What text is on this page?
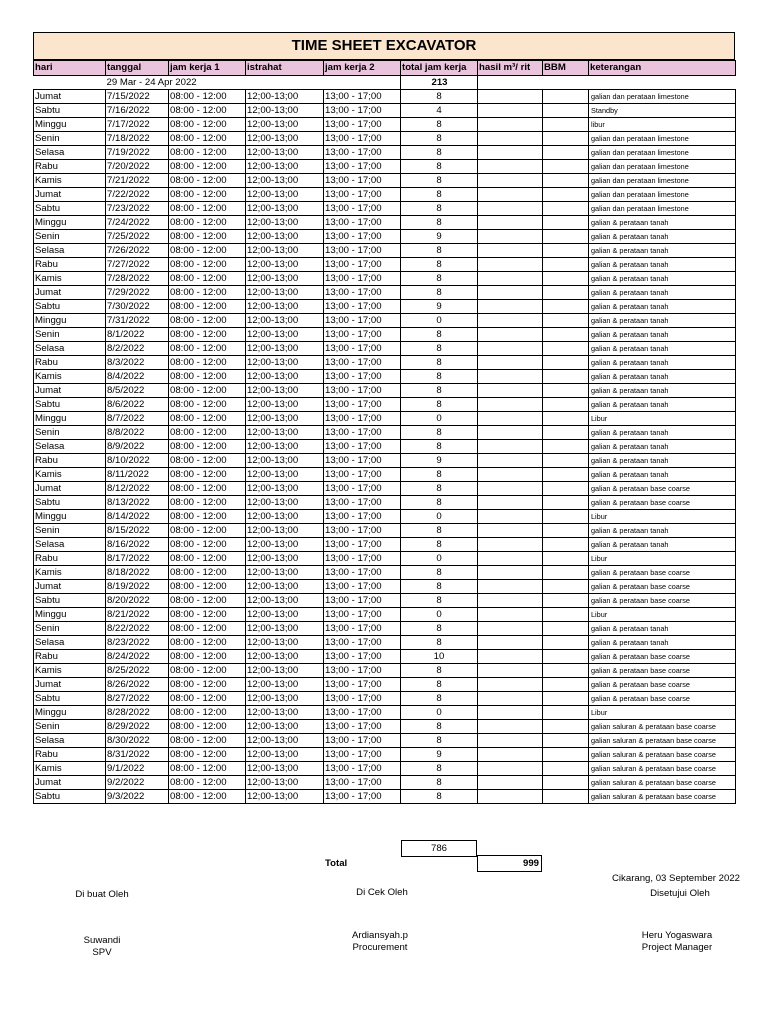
TIME SHEET EXCAVATOR
hari	tanggal	jam kerja 1	istrahat	jam kerja 2	total jam kerja	hasil m³/ rit	BBM	keterangan
	29 Mar - 24 Apr 2022				213			
Jumat	7/15/2022	08:00 - 12:00	12;00-13;00	13;00 - 17;00	8			galian dan perataan limestone
Sabtu	7/16/2022	08:00 - 12:00	12;00-13;00	13;00 - 17;00	4			Standby
Minggu	7/17/2022	08:00 - 12:00	12;00-13;00	13;00 - 17;00	8			libur
Senin	7/18/2022	08:00 - 12:00	12;00-13;00	13;00 - 17;00	8			galian dan perataan limestone
Selasa	7/19/2022	08:00 - 12:00	12;00-13;00	13;00 - 17;00	8			galian dan perataan limestone
Rabu	7/20/2022	08:00 - 12:00	12;00-13;00	13;00 - 17;00	8			galian dan perataan limestone
Kamis	7/21/2022	08:00 - 12:00	12;00-13;00	13;00 - 17;00	8			galian dan perataan limestone
Jumat	7/22/2022	08:00 - 12:00	12;00-13;00	13;00 - 17;00	8			galian dan perataan limestone
Sabtu	7/23/2022	08:00 - 12:00	12;00-13;00	13;00 - 17;00	8			galian dan perataan limestone
Minggu	7/24/2022	08:00 - 12:00	12;00-13;00	13;00 - 17;00	8			galian & perataan tanah
Senin	7/25/2022	08:00 - 12:00	12;00-13;00	13;00 - 17;00	9			galian & perataan tanah
Selasa	7/26/2022	08:00 - 12:00	12;00-13;00	13;00 - 17;00	8			galian & perataan tanah
Rabu	7/27/2022	08:00 - 12:00	12;00-13;00	13;00 - 17;00	8			galian & perataan tanah
Kamis	7/28/2022	08:00 - 12:00	12;00-13;00	13;00 - 17;00	8			galian & perataan tanah
Jumat	7/29/2022	08:00 - 12:00	12;00-13;00	13;00 - 17;00	8			galian & perataan tanah
Sabtu	7/30/2022	08:00 - 12:00	12;00-13;00	13;00 - 17;00	9			galian & perataan tanah
Minggu	7/31/2022	08:00 - 12:00	12;00-13;00	13;00 - 17;00	0			galian & perataan tanah
Senin	8/1/2022	08:00 - 12:00	12;00-13;00	13;00 - 17;00	8			galian & perataan tanah
Selasa	8/2/2022	08:00 - 12:00	12;00-13;00	13;00 - 17;00	8			galian & perataan tanah
Rabu	8/3/2022	08:00 - 12:00	12;00-13;00	13;00 - 17;00	8			galian & perataan tanah
Kamis	8/4/2022	08:00 - 12:00	12;00-13;00	13;00 - 17;00	8			galian & perataan tanah
Jumat	8/5/2022	08:00 - 12:00	12;00-13;00	13;00 - 17;00	8			galian & perataan tanah
Sabtu	8/6/2022	08:00 - 12:00	12;00-13;00	13;00 - 17;00	8			galian & perataan tanah
Minggu	8/7/2022	08:00 - 12:00	12;00-13;00	13;00 - 17;00	0			Libur
Senin	8/8/2022	08:00 - 12:00	12;00-13;00	13;00 - 17;00	8			galian & perataan tanah
Selasa	8/9/2022	08:00 - 12:00	12;00-13;00	13;00 - 17;00	8			galian & perataan tanah
Rabu	8/10/2022	08:00 - 12:00	12;00-13;00	13;00 - 17;00	9			galian & perataan tanah
Kamis	8/11/2022	08:00 - 12:00	12;00-13;00	13;00 - 17;00	8			galian & perataan tanah
Jumat	8/12/2022	08:00 - 12:00	12;00-13;00	13;00 - 17;00	8			galian & perataan base coarse
Sabtu	8/13/2022	08:00 - 12:00	12;00-13;00	13;00 - 17;00	8			galian & perataan base coarse
Minggu	8/14/2022	08:00 - 12:00	12;00-13;00	13;00 - 17;00	0			Libur
Senin	8/15/2022	08:00 - 12:00	12;00-13;00	13;00 - 17;00	8			galian & perataan tanah
Selasa	8/16/2022	08:00 - 12:00	12;00-13;00	13;00 - 17;00	8			galian & perataan tanah
Rabu	8/17/2022	08:00 - 12:00	12;00-13;00	13;00 - 17;00	0			Libur
Kamis	8/18/2022	08:00 - 12:00	12;00-13;00	13;00 - 17;00	8			galian & perataan base coarse
Jumat	8/19/2022	08:00 - 12:00	12;00-13;00	13;00 - 17;00	8			galian & perataan base coarse
Sabtu	8/20/2022	08:00 - 12:00	12;00-13;00	13;00 - 17;00	8			galian & perataan base coarse
Minggu	8/21/2022	08:00 - 12:00	12;00-13;00	13;00 - 17;00	0			Libur
Senin	8/22/2022	08:00 - 12:00	12;00-13;00	13;00 - 17;00	8			galian & perataan tanah
Selasa	8/23/2022	08:00 - 12:00	12;00-13;00	13;00 - 17;00	8			galian & perataan tanah
Rabu	8/24/2022	08:00 - 12:00	12;00-13;00	13;00 - 17;00	10			galian & perataan base coarse
Kamis	8/25/2022	08:00 - 12:00	12;00-13;00	13;00 - 17;00	8			galian & perataan base coarse
Jumat	8/26/2022	08:00 - 12:00	12;00-13;00	13;00 - 17;00	8			galian & perataan base coarse
Sabtu	8/27/2022	08:00 - 12:00	12;00-13;00	13;00 - 17;00	8			galian & perataan base coarse
Minggu	8/28/2022	08:00 - 12:00	12;00-13;00	13;00 - 17;00	0			Libur
Senin	8/29/2022	08:00 - 12:00	12;00-13;00	13;00 - 17;00	8			galian saluran & perataan base coarse
Selasa	8/30/2022	08:00 - 12:00	12;00-13;00	13;00 - 17;00	8			galian saluran & perataan base coarse
Rabu	8/31/2022	08:00 - 12:00	12;00-13;00	13;00 - 17;00	9			galian saluran & perataan base coarse
Kamis	9/1/2022	08:00 - 12:00	12;00-13;00	13;00 - 17;00	8			galian saluran & perataan base coarse
Jumat	9/2/2022	08:00 - 12:00	12;00-13;00	13;00 - 17;00	8			galian saluran & perataan base coarse
Sabtu	9/3/2022	08:00 - 12:00	12;00-13;00	13;00 - 17;00	8			galian saluran & perataan base coarse
786
Total	999
Cikarang, 03 September 2022
Di buat Oleh	Di Cek Oleh	Disetujui Oleh
Suwandi
SPV
Ardiansyah.p
Procurement
Heru Yogaswara
Project Manager
